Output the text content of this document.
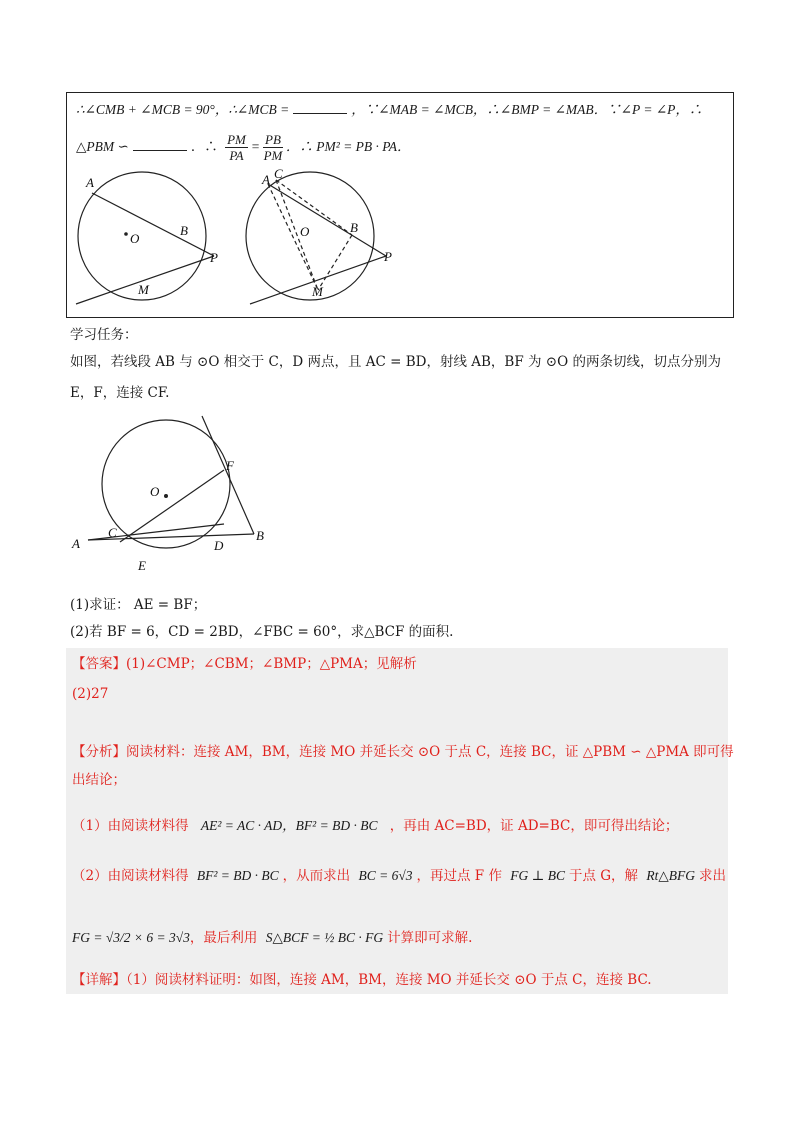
∴∠CMB + ∠MCB = 90°，∴∠MCB =	，∵∠MAB = ∠MCB，∴∠BMP = ∠MAB．∵∠P = ∠P，∴
△PBM ∽	．∴ $\frac{PM}{PA} = \frac{PB}{PM}$ ．∴ PM² = PB · PA．
A
O
B
P
M
A C
O	B
P
M
学习任务：
如图，若线段 AB 与 ⊙O 相交于 C，D 两点，且 AC = BD，射线 AB，BF 为 ⊙O 的两条切线，切点分别为
E，F，连接 CF.
O
F
C
D
A
B
E
(1)求证： AE = BF；
(2)若 BF = 6，CD = 2BD，∠FBC = 60°，求△BCF 的面积.
【答案】(1)∠CMP；∠CBM；∠BMP；△PMA；见解析
(2)27
【分析】阅读材料：连接 AM，BM，连接 MO 并延长交 ⊙O 于点 C，连接 BC，证 △PBM ∽ △PMA 即可得
出结论；
（1）由阅读材料得 AE² = AC · AD，BF² = BD · BC ，再由 AC=BD，证 AD=BC，即可得出结论；
（2）由阅读材料得 BF² = BD · BC ，从而求出 BC = 6√3 ，再过点 F 作 FG ⊥ BC 于点 G，解 Rt△BFG 求出
FG = √3/2 × 6 = 3√3，最后利用 S△BCF = ½ BC · FG 计算即可求解.
【详解】（1）阅读材料证明：如图，连接 AM，BM，连接 MO 并延长交 ⊙O 于点 C，连接 BC.
